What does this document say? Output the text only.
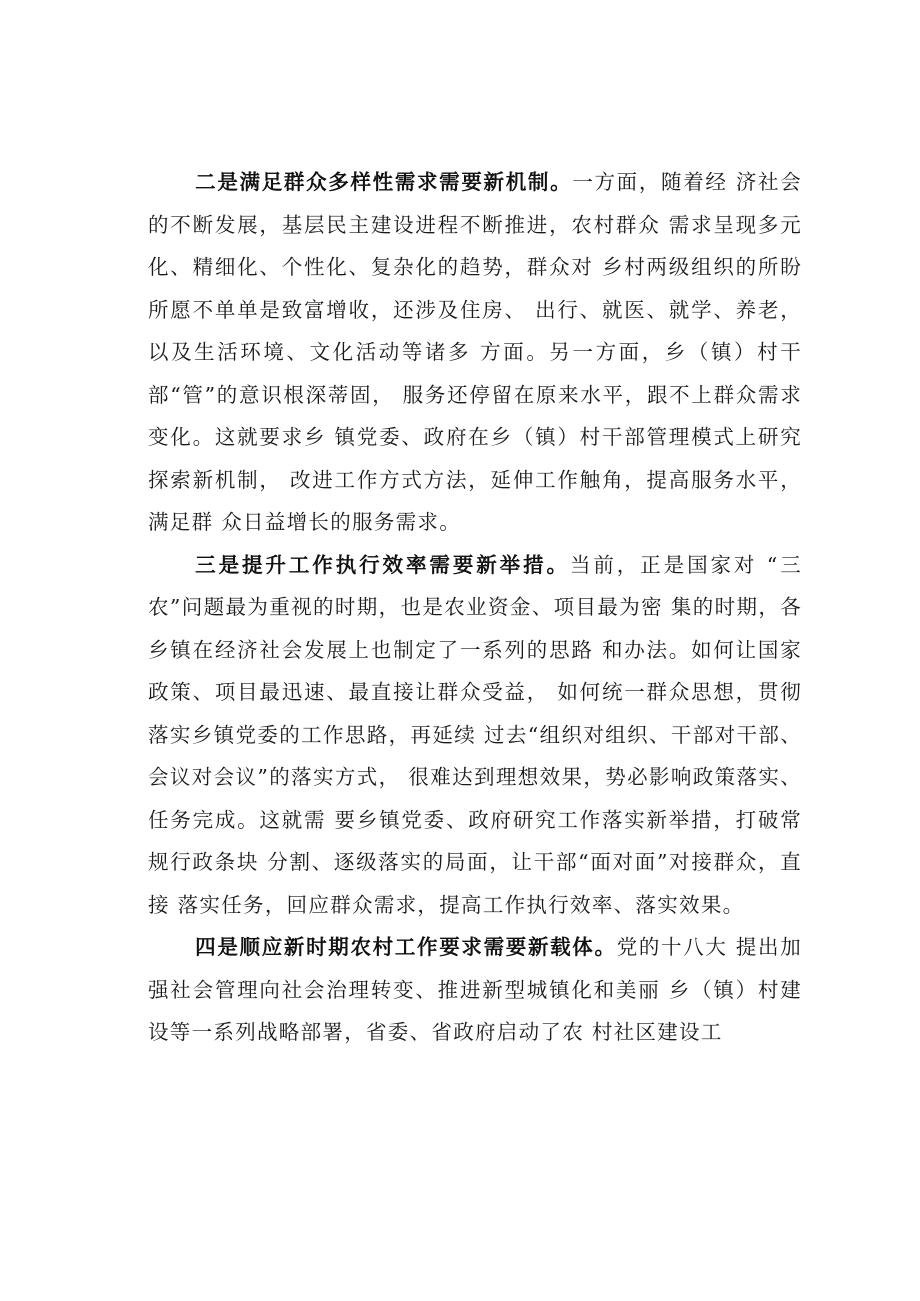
二是满足群众多样性需求需要新机制。一方面，随着经 济社会的不断发展，基层民主建设进程不断推进，农村群众 需求呈现多元化、精细化、个性化、复杂化的趋势，群众对 乡村两级组织的所盼所愿不单单是致富增收，还涉及住房、 出行、就医、就学、养老，以及生活环境、文化活动等诸多 方面。另一方面，乡（镇）村干部“管”的意识根深蒂固， 服务还停留在原来水平，跟不上群众需求变化。这就要求乡 镇党委、政府在乡（镇）村干部管理模式上研究探索新机制， 改进工作方式方法，延伸工作触角，提高服务水平，满足群 众日益增长的服务需求。

三是提升工作执行效率需要新举措。当前，正是国家对 “三农”问题最为重视的时期，也是农业资金、项目最为密 集的时期，各乡镇在经济社会发展上也制定了一系列的思路 和办法。如何让国家政策、项目最迅速、最直接让群众受益， 如何统一群众思想，贯彻落实乡镇党委的工作思路，再延续 过去“组织对组织、干部对干部、会议对会议”的落实方式， 很难达到理想效果，势必影响政策落实、任务完成。这就需 要乡镇党委、政府研究工作落实新举措，打破常规行政条块 分割、逐级落实的局面，让干部“面对面”对接群众，直接 落实任务，回应群众需求，提高工作执行效率、落实效果。

四是顺应新时期农村工作要求需要新载体。党的十八大 提出加强社会管理向社会治理转变、推进新型城镇化和美丽 乡（镇）村建设等一系列战略部署，省委、省政府启动了农 村社区建设工
